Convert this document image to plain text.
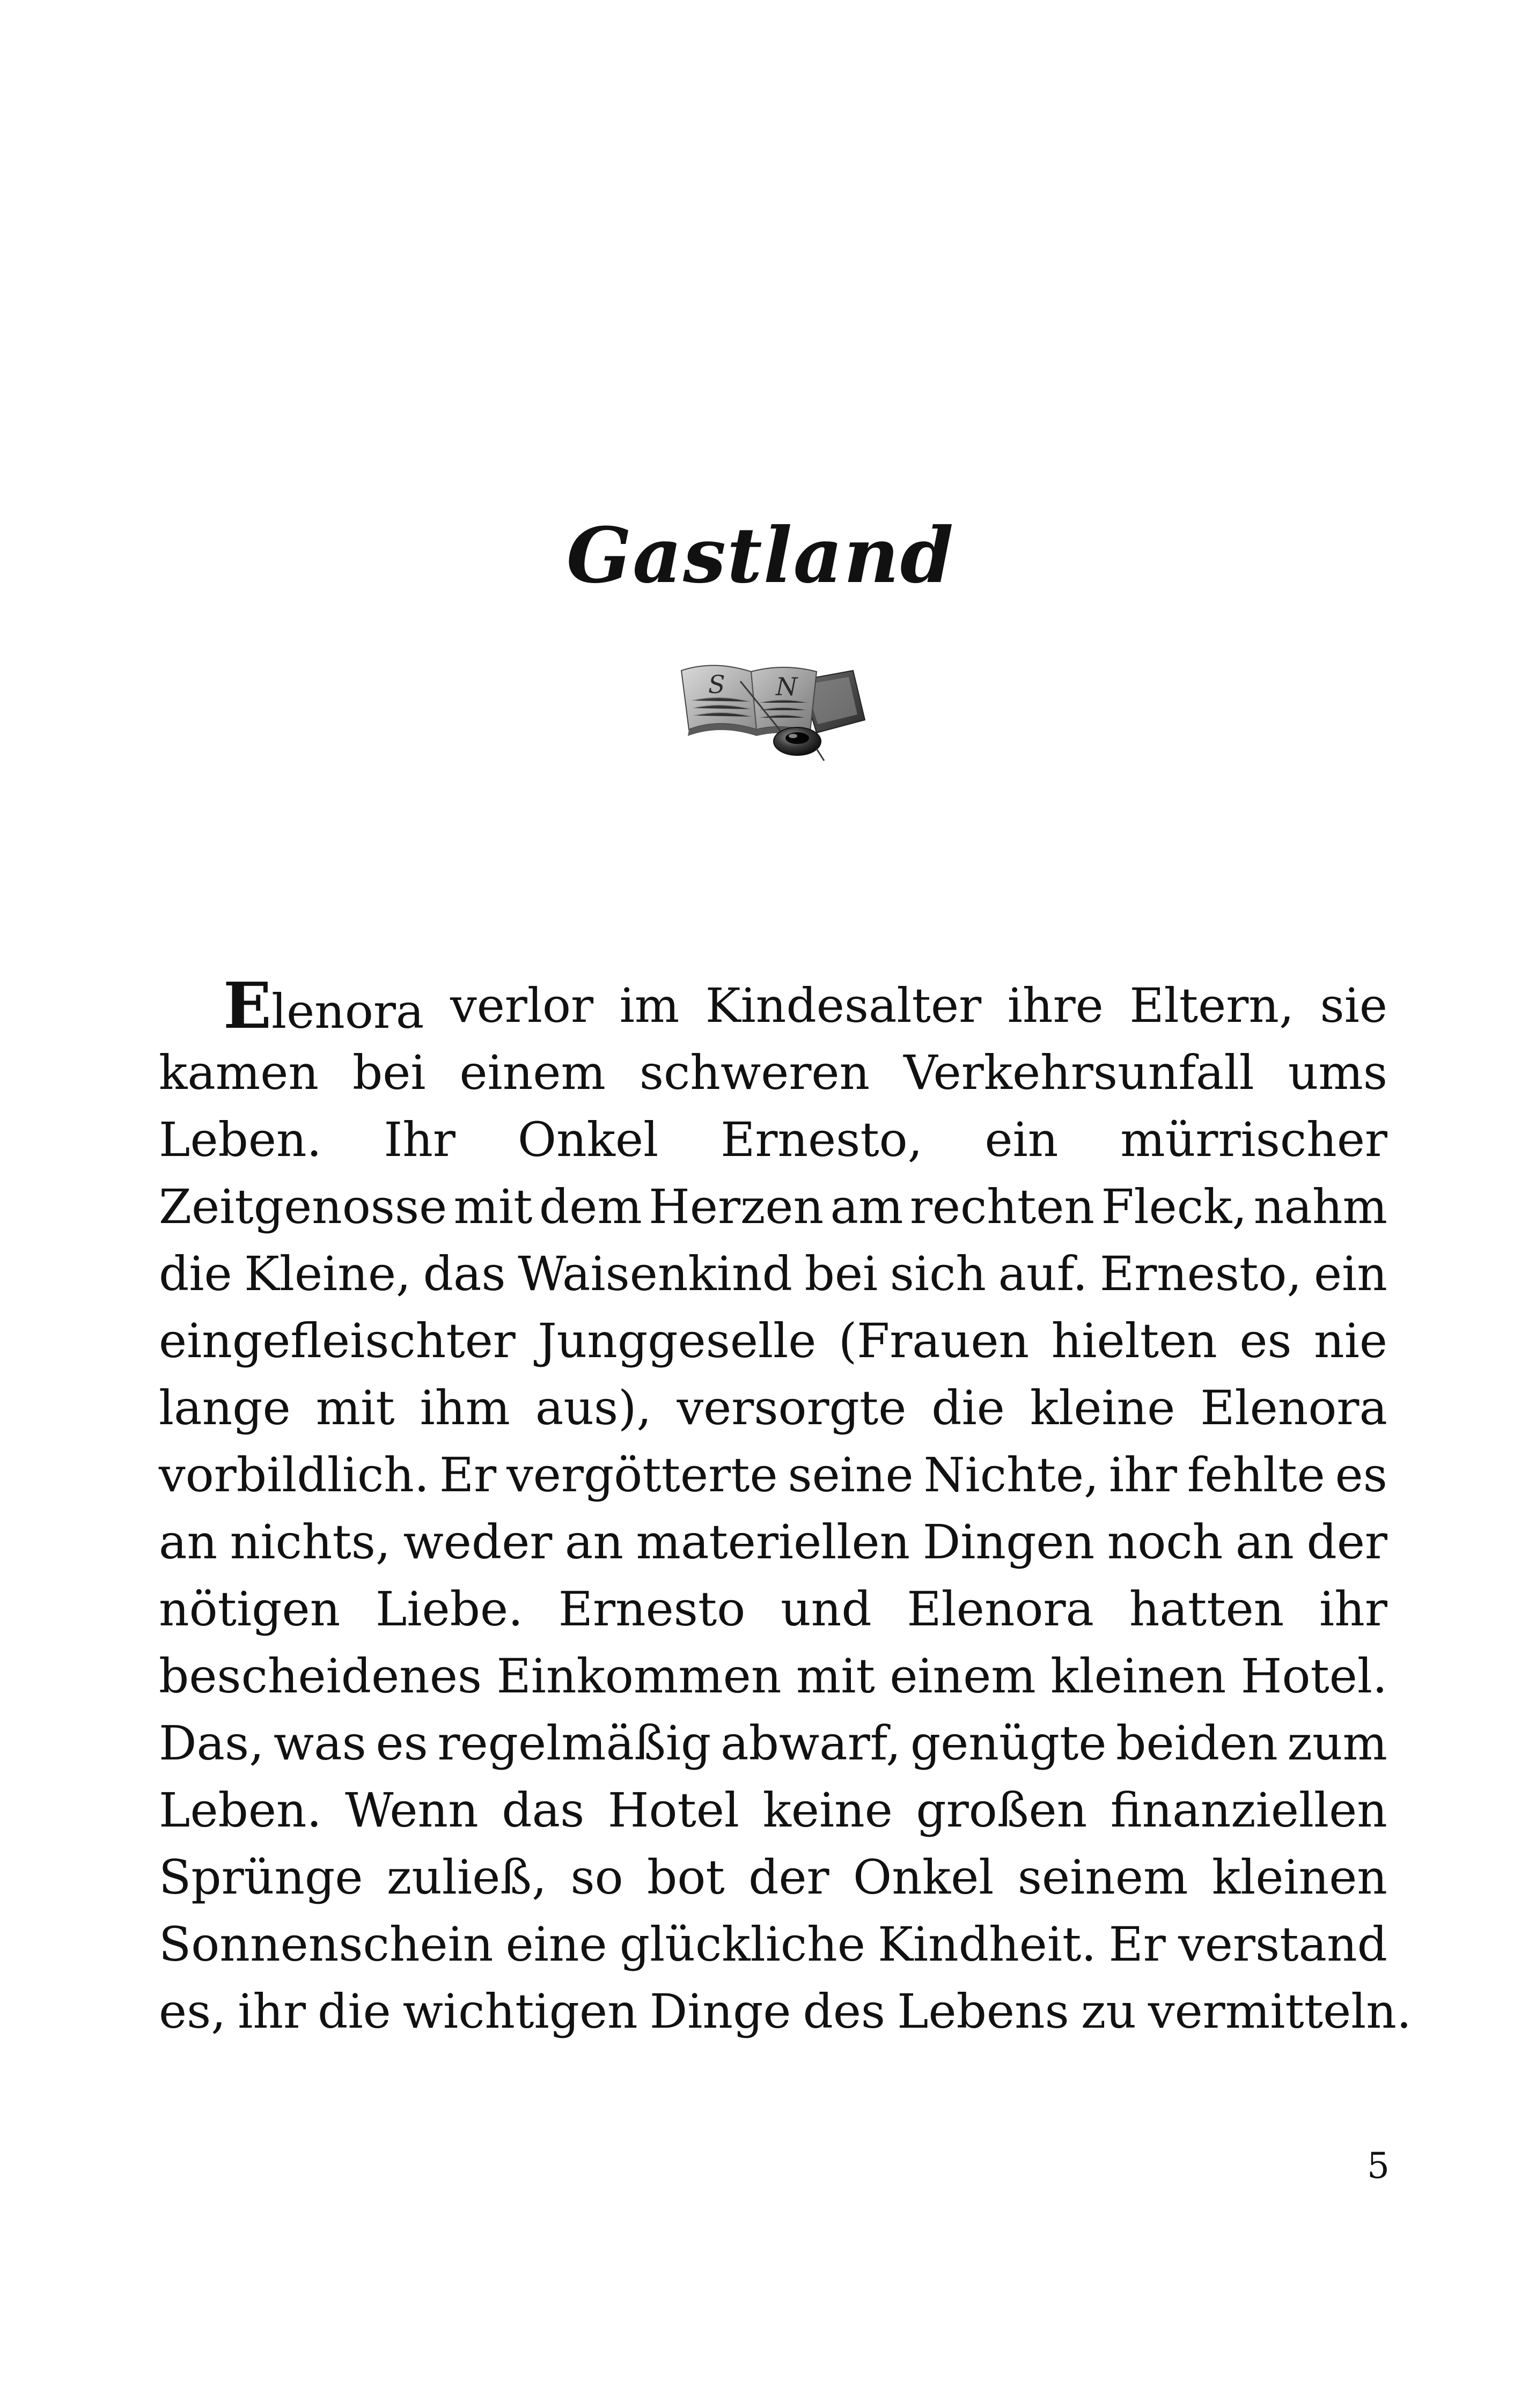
Gastland
S N
Elenora verlor im Kindesalter ihre Eltern, sie
kamen bei einem schweren Verkehrsunfall ums
Leben. Ihr Onkel Ernesto, ein mürrischer
Zeitgenosse mit dem Herzen am rechten Fleck, nahm
die Kleine, das Waisenkind bei sich auf. Ernesto, ein
eingefleischter Junggeselle (Frauen hielten es nie
lange mit ihm aus), versorgte die kleine Elenora
vorbildlich. Er vergötterte seine Nichte, ihr fehlte es
an nichts, weder an materiellen Dingen noch an der
nötigen Liebe. Ernesto und Elenora hatten ihr
bescheidenes Einkommen mit einem kleinen Hotel.
Das, was es regelmäßig abwarf, genügte beiden zum
Leben. Wenn das Hotel keine großen finanziellen
Sprünge zuließ, so bot der Onkel seinem kleinen
Sonnenschein eine glückliche Kindheit. Er verstand
es, ihr die wichtigen Dinge des Lebens zu vermitteln.
5
